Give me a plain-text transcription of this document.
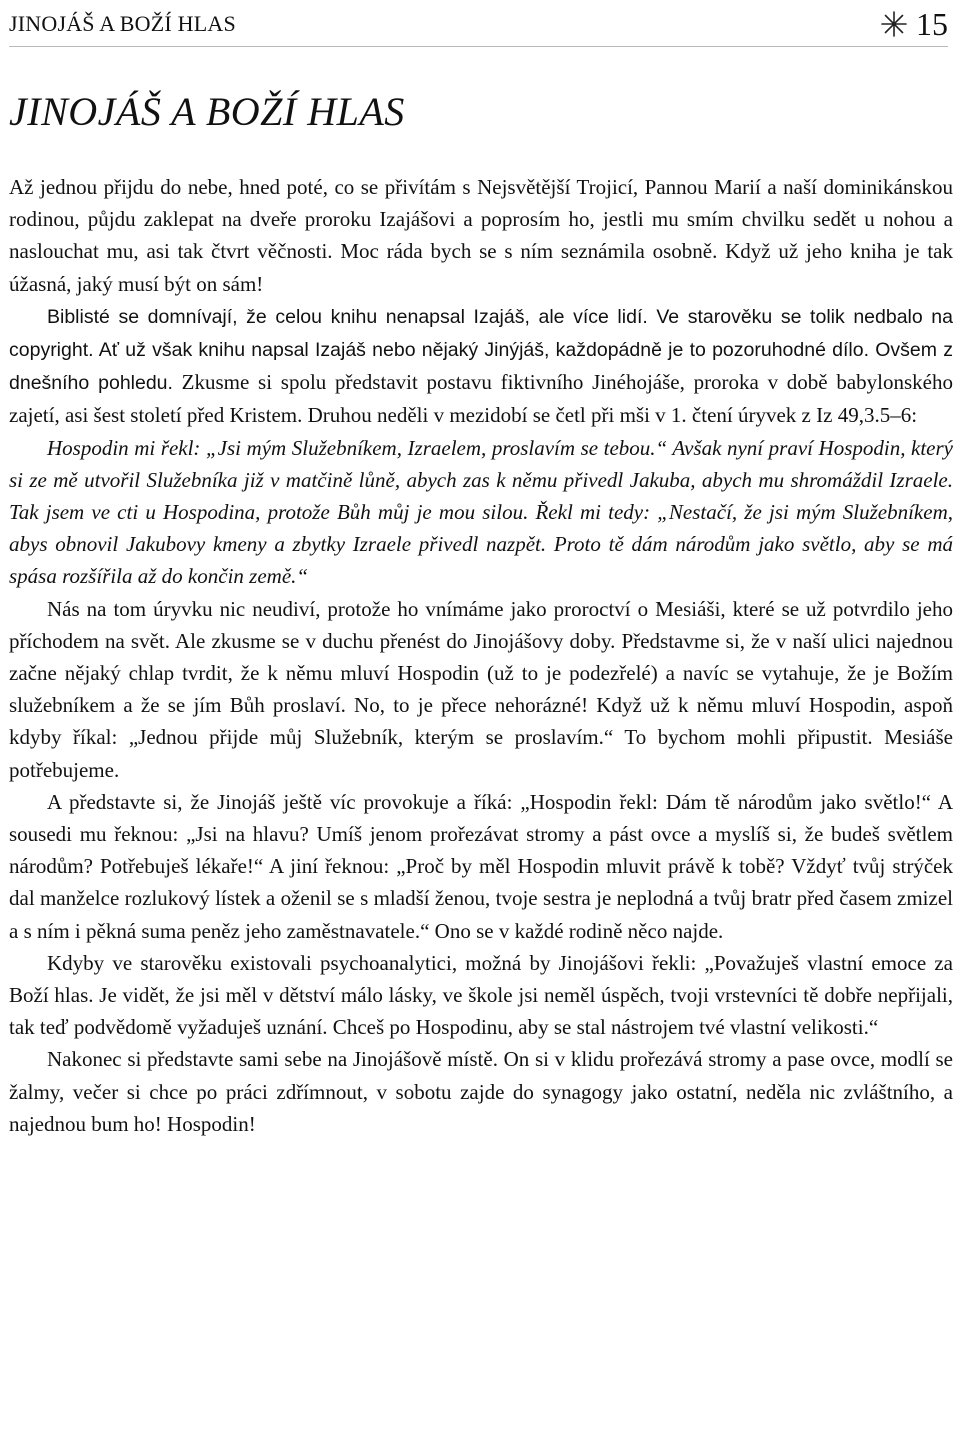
JINOJÁŠ A BOŽÍ HLAS	15
JINOJÁŠ A BOŽÍ HLAS

Až jednou přijdu do nebe, hned poté, co se přivítám s Nejsvětější Trojicí, Pannou Marií a naší dominikánskou rodinou, půjdu zaklepat na dveře proroku Izajášovi a poprosím ho, jestli mu smím chvilku sedět u nohou a naslouchat mu, asi tak čtvrt věčnosti. Moc ráda bych se s ním seznámila osobně. Když už jeho kniha je tak úžasná, jaký musí být on sám!

Biblisté se domnívají, že celou knihu nenapsal Izajáš, ale více lidí. Ve starověku se tolik nedbalo na copyright. Ať už však knihu napsal Izajáš nebo nějaký Jinýjáš, každopádně je to pozoruhodné dílo. Ovšem z dnešního pohledu. Zkusme si spolu představit postavu fiktivního Jinéhojáše, proroka v době babylonského zajetí, asi šest století před Kristem. Druhou neděli v mezidobí se četl při mši v 1. čtení úryvek z Iz 49,3.5–6:

Hospodin mi řekl: „Jsi mým Služebníkem, Izraelem, proslavím se tebou.“ Avšak nyní praví Hospodin, který si ze mě utvořil Služebníka již v matčině lůně, abych zas k němu přivedl Jakuba, abych mu shromáždil Izraele. Tak jsem ve cti u Hospodina, protože Bůh můj je mou silou. Řekl mi tedy: „Nestačí, že jsi mým Služebníkem, abys obnovil Jakubovy kmeny a zbytky Izraele přivedl nazpět. Proto tě dám národům jako světlo, aby se má spása rozšířila až do končin země.“

Nás na tom úryvku nic neudiví, protože ho vnímáme jako proroctví o Mesiáši, které se už potvrdilo jeho příchodem na svět. Ale zkusme se v duchu přenést do Jinojášovy doby. Představme si, že v naší ulici najednou začne nějaký chlap tvrdit, že k němu mluví Hospodin (už to je podezřelé) a navíc se vytahuje, že je Božím služebníkem a že se jím Bůh proslaví. No, to je přece nehorázné! Když už k němu mluví Hospodin, aspoň kdyby říkal: „Jednou přijde můj Služebník, kterým se proslavím.“ To bychom mohli připustit. Mesiáše potřebujeme.

A představte si, že Jinojáš ještě víc provokuje a říká: „Hospodin řekl: Dám tě národům jako světlo!“ A sousedi mu řeknou: „Jsi na hlavu? Umíš jenom prořezávat stromy a pást ovce a myslíš si, že budeš světlem národům? Potřebuješ lékaře!“ A jiní řeknou: „Proč by měl Hospodin mluvit právě k tobě? Vždyť tvůj strýček dal manželce rozlukový lístek a oženil se s mladší ženou, tvoje sestra je neplodná a tvůj bratr před časem zmizel a s ním i pěkná suma peněz jeho zaměstnavatele.“ Ono se v každé rodině něco najde.

Kdyby ve starověku existovali psychoanalytici, možná by Jinojášovi řekli: „Považuješ vlastní emoce za Boží hlas. Je vidět, že jsi měl v dětství málo lásky, ve škole jsi neměl úspěch, tvoji vrstevníci tě dobře nepřijali, tak teď podvědomě vyžaduješ uznání. Chceš po Hospodinu, aby se stal nástrojem tvé vlastní velikosti.“

Nakonec si představte sami sebe na Jinojášově místě. On si v klidu prořezává stromy a pase ovce, modlí se žalmy, večer si chce po práci zdřímnout, v sobotu zajde do synagogy jako ostatní, neděla nic zvláštního, a najednou bum ho! Hospodin!
